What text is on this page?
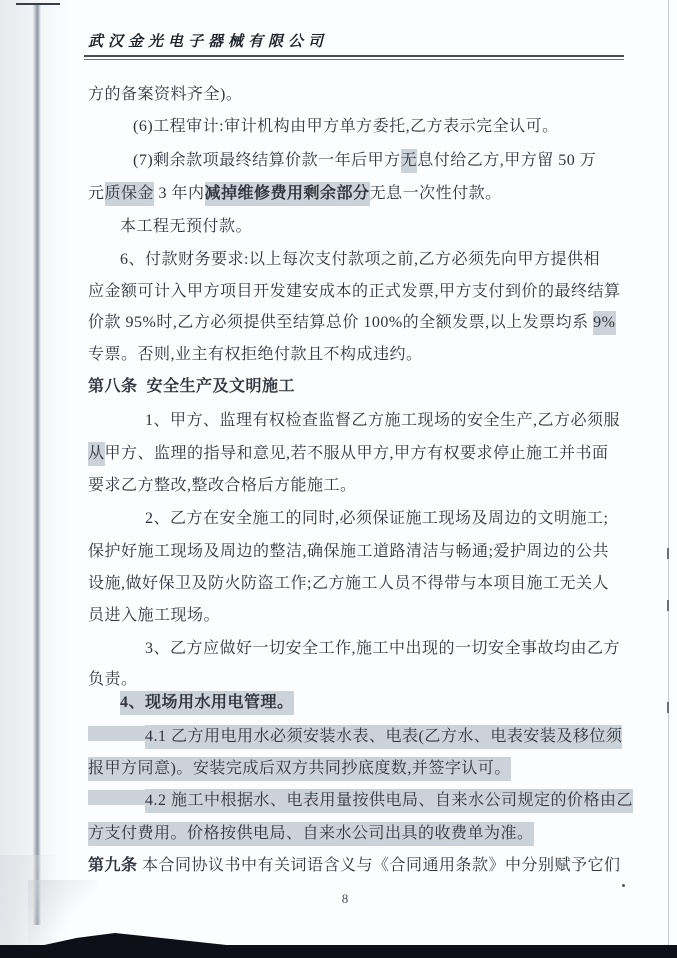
武汉金光电子器械有限公司
方的备案资料齐全)。
(6)工程审计:审计机构由甲方单方委托,乙方表示完全认可。
(7)剩余款项最终结算价款一年后甲方无息付给乙方,甲方留 50 万
元质保金 3 年内减掉维修费用剩余部分无息一次性付款。
本工程无预付款。
6、付款财务要求:以上每次支付款项之前,乙方必须先向甲方提供相
应金额可计入甲方项目开发建安成本的正式发票,甲方支付到价的最终结算
价款 95%时,乙方必须提供至结算总价 100%的全额发票,以上发票均系 9%
专票。否则,业主有权拒绝付款且不构成违约。
第八条  安全生产及文明施工
1、甲方、监理有权检查监督乙方施工现场的安全生产,乙方必须服
从甲方、监理的指导和意见,若不服从甲方,甲方有权要求停止施工并书面
要求乙方整改,整改合格后方能施工。
2、乙方在安全施工的同时,必须保证施工现场及周边的文明施工;
保护好施工现场及周边的整洁,确保施工道路清洁与畅通;爱护周边的公共
设施,做好保卫及防火防盗工作;乙方施工人员不得带与本项目施工无关人
员进入施工现场。
3、乙方应做好一切安全工作,施工中出现的一切安全事故均由乙方
负责。
4、现场用水用电管理。
4.1 乙方用电用水必须安装水表、电表(乙方水、电表安装及移位须
报甲方同意)。安装完成后双方共同抄底度数,并签字认可。
4.2 施工中根据水、电表用量按供电局、自来水公司规定的价格由乙
方支付费用。价格按供电局、自来水公司出具的收费单为准。
第九条 本合同协议书中有关词语含义与《合同通用条款》中分别赋予它们
8
